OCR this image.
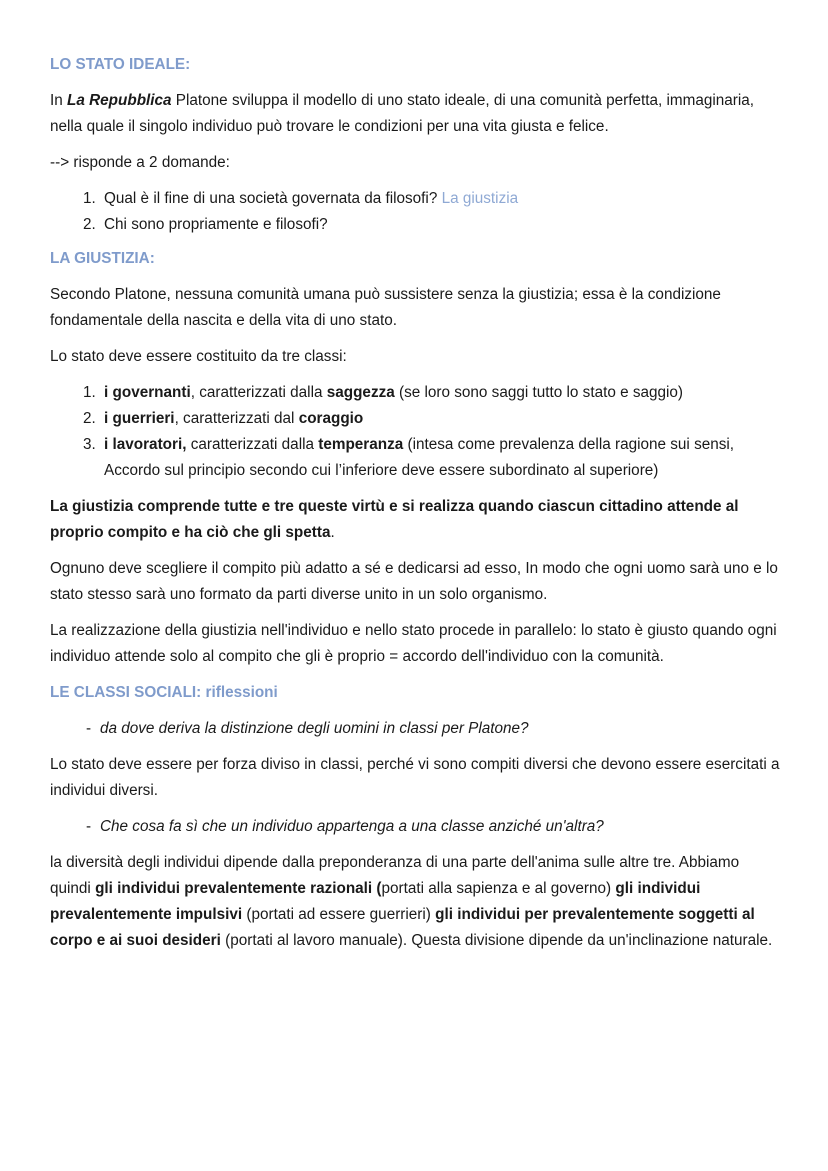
LO STATO IDEALE:

In La Repubblica Platone sviluppa il modello di uno stato ideale, di una comunità perfetta, immaginaria, nella quale il singolo individuo può trovare le condizioni per una vita giusta e felice.

--> risponde a 2 domande:

1. Qual è il fine di una società governata da filosofi? La giustizia
2. Chi sono propriamente e filosofi?
LA GIUSTIZIA:

Secondo Platone, nessuna comunità umana può sussistere senza la giustizia; essa è la condizione fondamentale della nascita e della vita di uno stato.

Lo stato deve essere costituito da tre classi:

1. i governanti, caratterizzati dalla saggezza (se loro sono saggi tutto lo stato e saggio)
2. i guerrieri, caratterizzati dal coraggio
3. i lavoratori, caratterizzati dalla temperanza (intesa come prevalenza della ragione sui sensi, Accordo sul principio secondo cui l’inferiore deve essere subordinato al superiore)

La giustizia comprende tutte e tre queste virtù e si realizza quando ciascun cittadino attende al proprio compito e ha ciò che gli spetta.

Ognuno deve scegliere il compito più adatto a sé e dedicarsi ad esso, In modo che ogni uomo sarà uno e lo stato stesso sarà uno formato da parti diverse unito in un solo organismo.

La realizzazione della giustizia nell'individuo e nello stato procede in parallelo: lo stato è giusto quando ogni individuo attende solo al compito che gli è proprio = accordo dell'individuo con la comunità.

LE CLASSI SOCIALI: riflessioni
- da dove deriva la distinzione degli uomini in classi per Platone?

Lo stato deve essere per forza diviso in classi, perché vi sono compiti diversi che devono essere esercitati a individui diversi.

- Che cosa fa sì che un individuo appartenga a una classe anziché un'altra?

la diversità degli individui dipende dalla preponderanza di una parte dell'anima sulle altre tre. Abbiamo quindi gli individui prevalentemente razionali (portati alla sapienza e al governo) gli individui prevalentemente impulsivi (portati ad essere guerrieri) gli individui per prevalentemente soggetti al corpo e ai suoi desideri (portati al lavoro manuale). Questa divisione dipende da un'inclinazione naturale.
